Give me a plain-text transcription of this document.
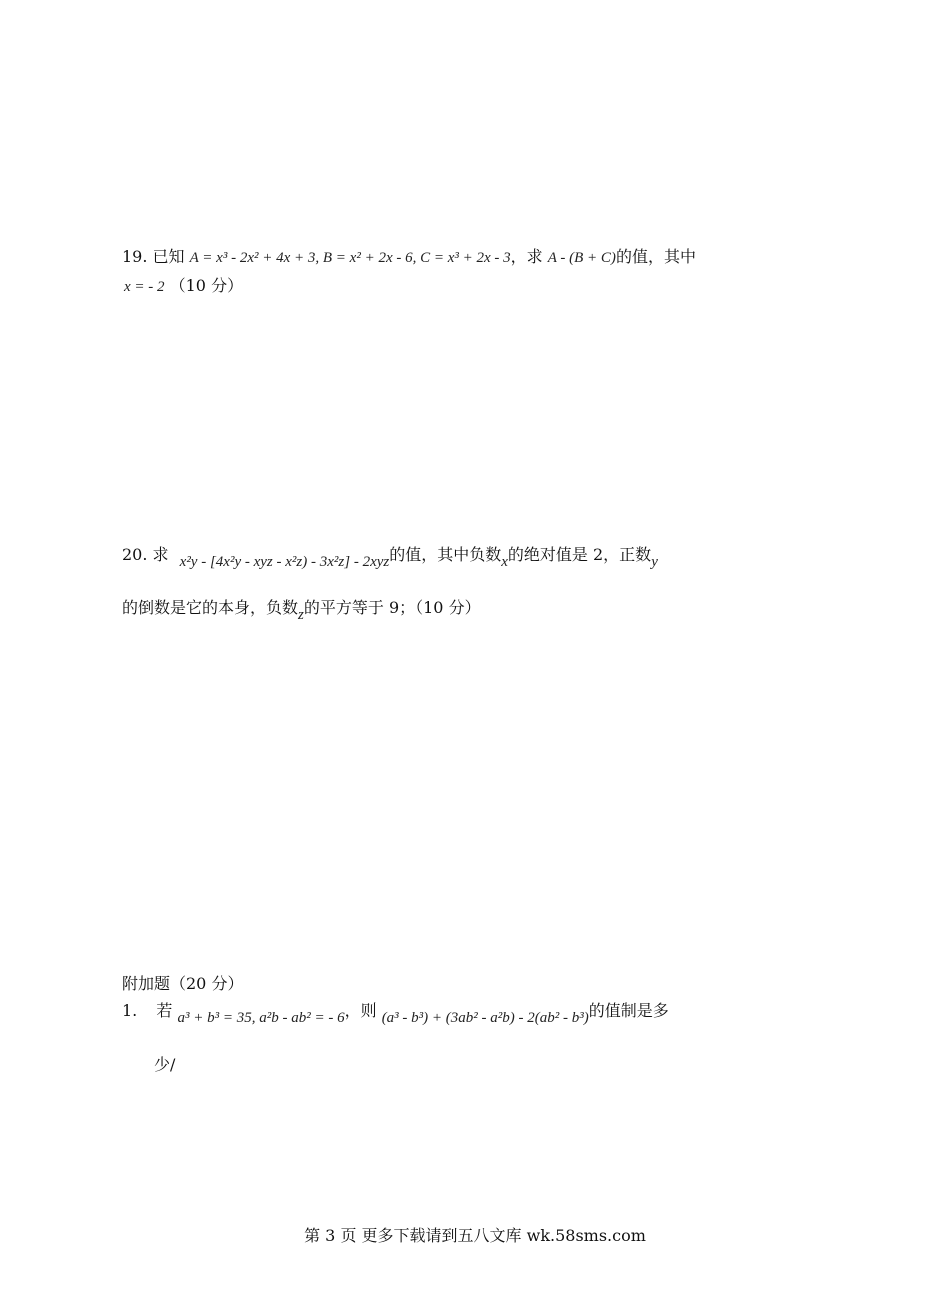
19. 已知 A = x³ - 2x² + 4x + 3, B = x² + 2x - 6, C = x³ + 2x - 3，求 A - (B + C)的值，其中
x = - 2 （10 分）
20. 求 x²y - [4x²y - xyz - x²z) - 3x²z] - 2xyz的值，其中负数x的绝对值是 2，正数y
的倒数是它的本身，负数z的平方等于 9；（10 分）
附加题（20 分）
1. 若 a³ + b³ = 35, a²b - ab² = - 6，则 (a³ - b³) + (3ab² - a²b) - 2(ab² - b³)的值制是多
少/
第 3 页 更多下载请到五八文库 wk.58sms.com
